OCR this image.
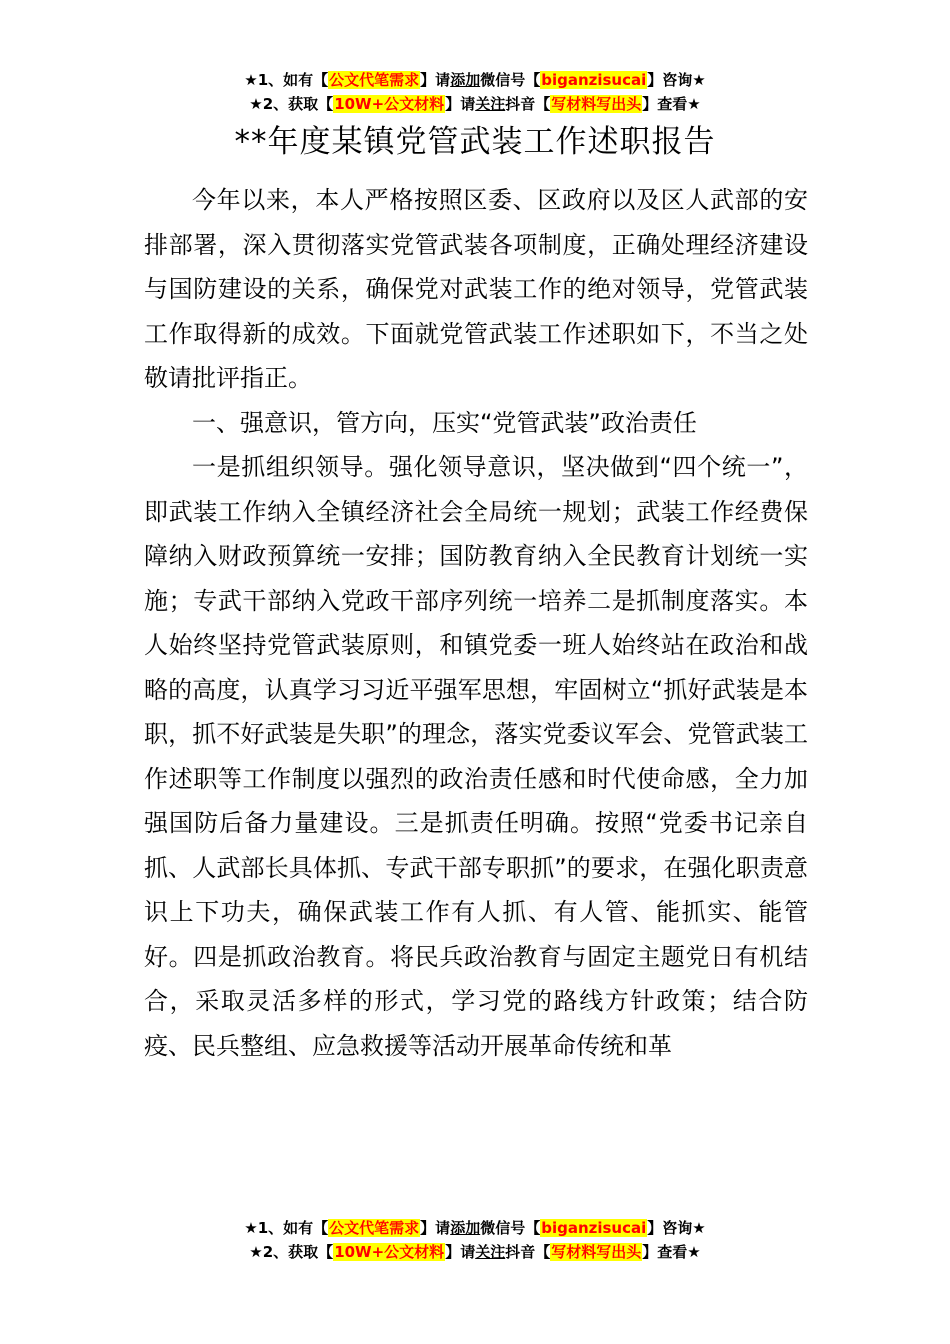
★1、如有【公文代笔需求】请添加微信号【biganzisucai】咨询★
★2、获取【10W+公文材料】请关注抖音【写材料写出头】查看★
**年度某镇党管武装工作述职报告

今年以来，本人严格按照区委、区政府以及区人武部的安排部署，深入贯彻落实党管武装各项制度，正确处理经济建设与国防建设的关系，确保党对武装工作的绝对领导，党管武装工作取得新的成效。下面就党管武装工作述职如下，不当之处敬请批评指正。

一、强意识，管方向，压实“党管武装”政治责任

一是抓组织领导。强化领导意识，坚决做到“四个统一”，即武装工作纳入全镇经济社会全局统一规划；武装工作经费保障纳入财政预算统一安排；国防教育纳入全民教育计划统一实施；专武干部纳入党政干部序列统一培养二是抓制度落实。本人始终坚持党管武装原则，和镇党委一班人始终站在政治和战略的高度，认真学习习近平强军思想，牢固树立“抓好武装是本职，抓不好武装是失职”的理念，落实党委议军会、党管武装工作述职等工作制度以强烈的政治责任感和时代使命感，全力加强国防后备力量建设。三是抓责任明确。按照“党委书记亲自抓、人武部长具体抓、专武干部专职抓”的要求，在强化职责意识上下功夫，确保武装工作有人抓、有人管、能抓实、能管好。四是抓政治教育。将民兵政治教育与固定主题党日有机结合，采取灵活多样的形式，学习党的路线方针政策；结合防疫、民兵整组、应急救援等活动开展革命传统和革

★1、如有【公文代笔需求】请添加微信号【biganzisucai】咨询★
★2、获取【10W+公文材料】请关注抖音【写材料写出头】查看★
